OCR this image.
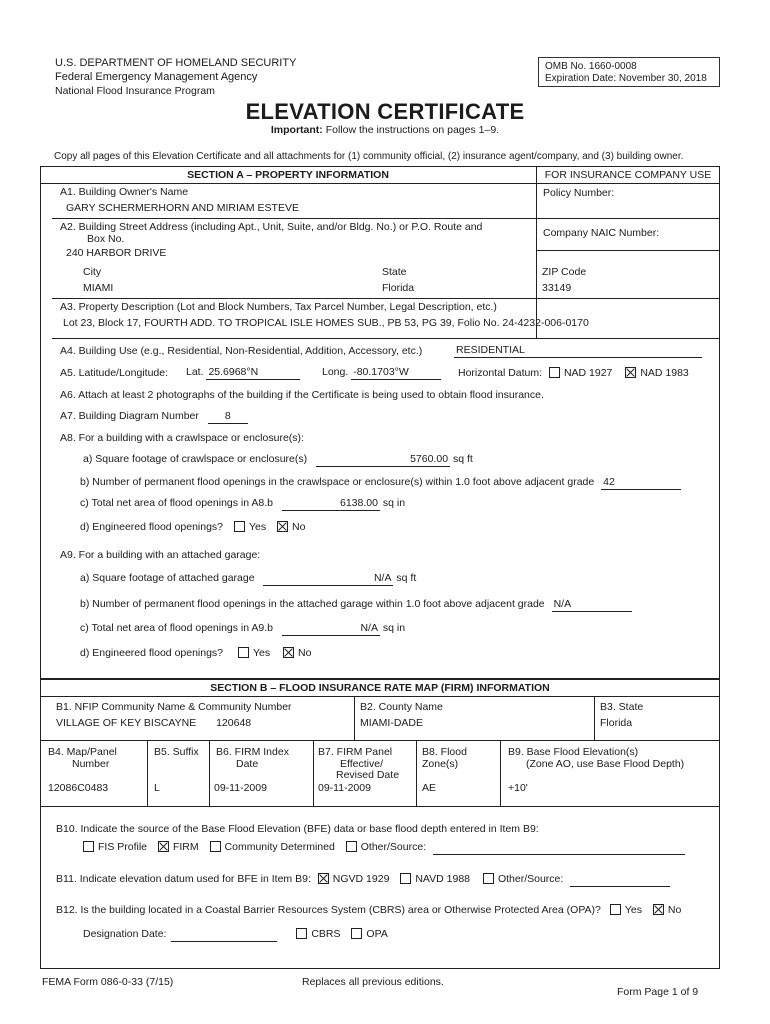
U.S. DEPARTMENT OF HOMELAND SECURITY
Federal Emergency Management Agency
National Flood Insurance Program
OMB No. 1660-0008
Expiration Date: November 30, 2018
ELEVATION CERTIFICATE
Important: Follow the instructions on pages 1–9.
Copy all pages of this Elevation Certificate and all attachments for (1) community official, (2) insurance agent/company, and (3) building owner.
SECTION A – PROPERTY INFORMATION	FOR INSURANCE COMPANY USE
A1. Building Owner's Name
GARY SCHERMERHORN AND MIRIAM ESTEVE
Policy Number:
A2. Building Street Address (including Apt., Unit, Suite, and/or Bldg. No.) or P.O. Route and
Box No.
240 HARBOR DRIVE
Company NAIC Number:
City
MIAMI
State
Florida
ZIP Code
33149
A3. Property Description (Lot and Block Numbers, Tax Parcel Number, Legal Description, etc.)
Lot 23, Block 17, FOURTH ADD. TO TROPICAL ISLE HOMES SUB., PB 53, PG 39, Folio No. 24-4232-006-0170
A4. Building Use (e.g., Residential, Non-Residential, Addition, Accessory, etc.)	RESIDENTIAL
A5. Latitude/Longitude: Lat. 25.6968°N	Long. -80.1703°W	Horizontal Datum: NAD 1927	NAD 1983
A6. Attach at least 2 photographs of the building if the Certificate is being used to obtain flood insurance.
A7. Building Diagram Number 8
A8. For a building with a crawlspace or enclosure(s):
a) Square footage of crawlspace or enclosure(s)	5760.00 sq ft
b) Number of permanent flood openings in the crawlspace or enclosure(s) within 1.0 foot above adjacent grade 42
c) Total net area of flood openings in A8.b	6138.00 sq in
d) Engineered flood openings? Yes No
A9. For a building with an attached garage:
a) Square footage of attached garage	N/A sq ft
b) Number of permanent flood openings in the attached garage within 1.0 foot above adjacent grade N/A
c) Total net area of flood openings in A9.b	N/A sq in
d) Engineered flood openings?	Yes	No
SECTION B – FLOOD INSURANCE RATE MAP (FIRM) INFORMATION
B1. NFIP Community Name & Community Number
VILLAGE OF KEY BISCAYNE 120648
B2. County Name
MIAMI-DADE
B3. State
Florida
B4. Map/Panel
Number
12086C0483
B5. Suffix
L
B6. FIRM Index
Date
09-11-2009
B7. FIRM Panel
Effective/
Revised Date
09-11-2009
B8. Flood
Zone(s)
AE
B9. Base Flood Elevation(s)
(Zone AO, use Base Flood Depth)
+10'
B10. Indicate the source of the Base Flood Elevation (BFE) data or base flood depth entered in Item B9:
FIS Profile FIRM Community Determined Other/Source:
B11. Indicate elevation datum used for BFE in Item B9: NGVD 1929 NAVD 1988	Other/Source:
B12. Is the building located in a Coastal Barrier Resources System (CBRS) area or Otherwise Protected Area (OPA)? Yes No
Designation Date:	CBRS OPA
FEMA Form 086-0-33 (7/15)	Replaces all previous editions.
Form Page 1 of 9
